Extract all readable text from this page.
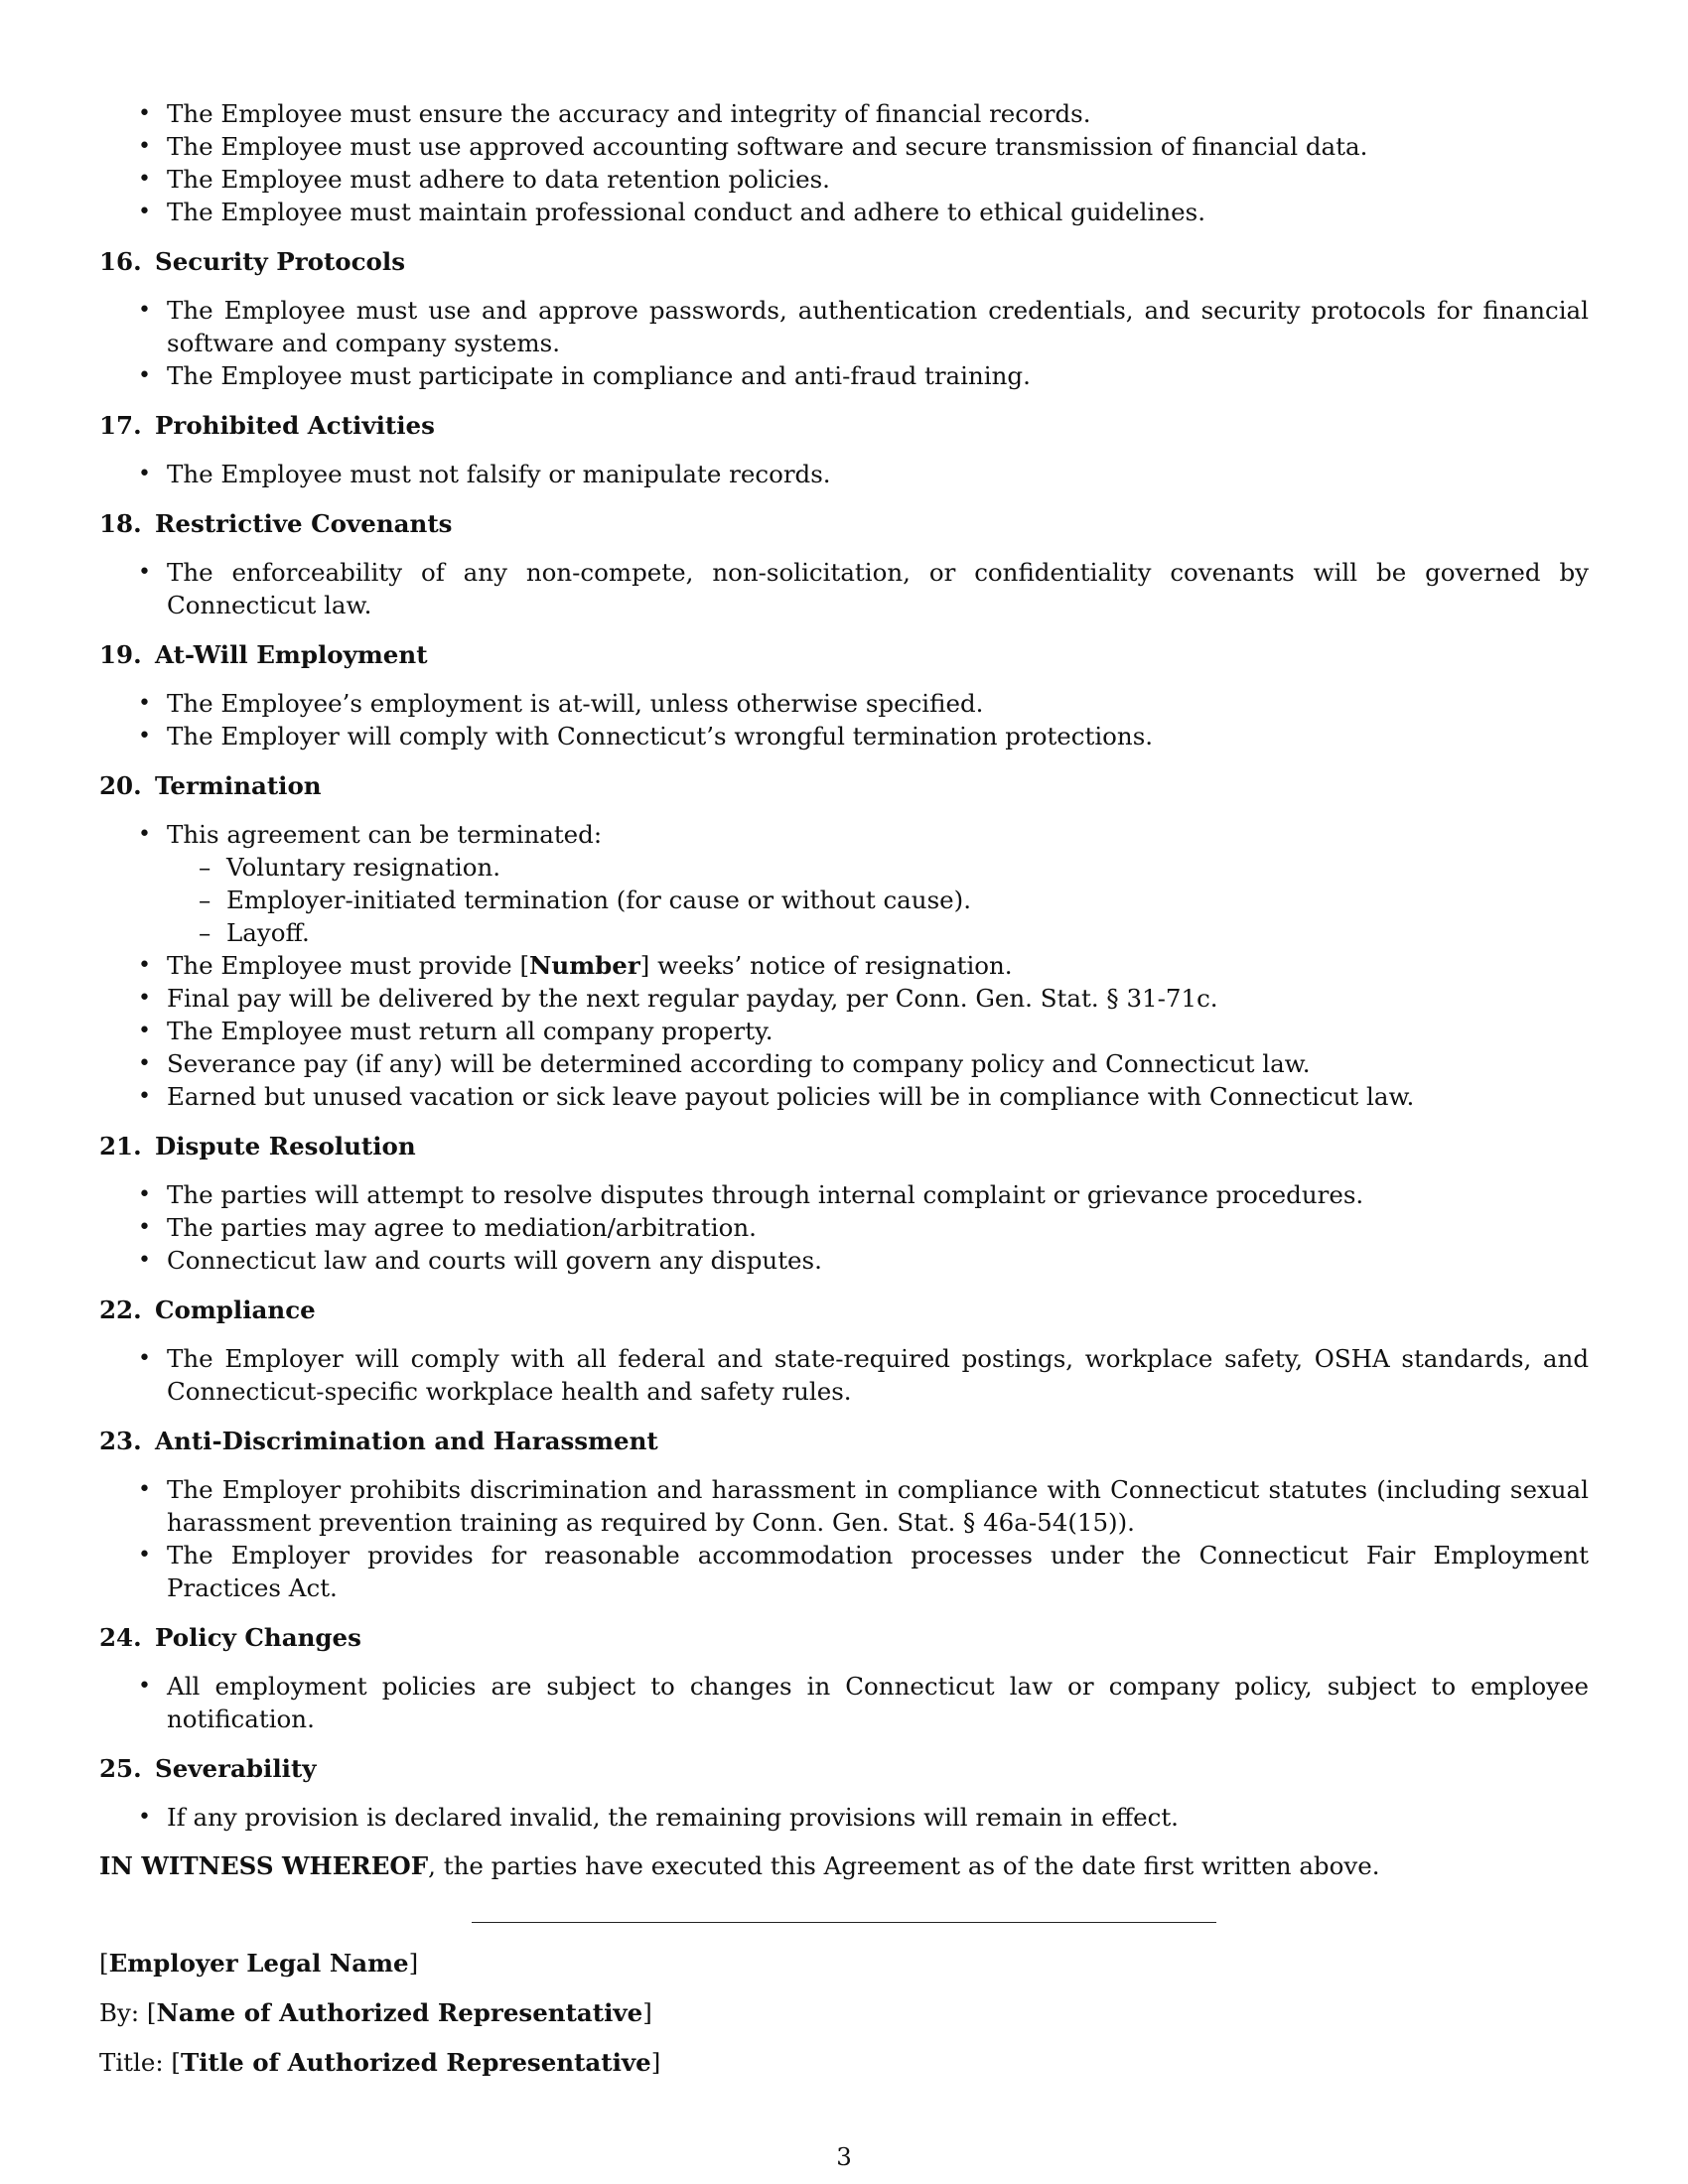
• The Employee must ensure the accuracy and integrity of financial records.
• The Employee must use approved accounting software and secure transmission of financial data.
• The Employee must adhere to data retention policies.
• The Employee must maintain professional conduct and adhere to ethical guidelines.
16. Security Protocols
• The Employee must use and approve passwords, authentication credentials, and security protocols for financial software and company systems.
• The Employee must participate in compliance and anti-fraud training.
17. Prohibited Activities
• The Employee must not falsify or manipulate records.
18. Restrictive Covenants
• The enforceability of any non-compete, non-solicitation, or confidentiality covenants will be governed by Connecticut law.
19. At-Will Employment
• The Employee’s employment is at-will, unless otherwise specified.
• The Employer will comply with Connecticut’s wrongful termination protections.
20. Termination
• This agreement can be terminated:
– Voluntary resignation.
– Employer-initiated termination (for cause or without cause).
– Layoff.
• The Employee must provide [Number] weeks’ notice of resignation.
• Final pay will be delivered by the next regular payday, per Conn. Gen. Stat. § 31-71c.
• The Employee must return all company property.
• Severance pay (if any) will be determined according to company policy and Connecticut law.
• Earned but unused vacation or sick leave payout policies will be in compliance with Connecticut law.
21. Dispute Resolution
• The parties will attempt to resolve disputes through internal complaint or grievance procedures.
• The parties may agree to mediation/arbitration.
• Connecticut law and courts will govern any disputes.
22. Compliance
• The Employer will comply with all federal and state-required postings, workplace safety, OSHA standards, and Connecticut-specific workplace health and safety rules.
23. Anti-Discrimination and Harassment
• The Employer prohibits discrimination and harassment in compliance with Connecticut statutes (including sexual harassment prevention training as required by Conn. Gen. Stat. § 46a-54(15)).
• The Employer provides for reasonable accommodation processes under the Connecticut Fair Employment Practices Act.
24. Policy Changes
• All employment policies are subject to changes in Connecticut law or company policy, subject to employee notification.
25. Severability
• If any provision is declared invalid, the remaining provisions will remain in effect.

IN WITNESS WHEREOF, the parties have executed this Agreement as of the date first written above.

[Employer Legal Name]

By: [Name of Authorized Representative]

Title: [Title of Authorized Representative]

3
